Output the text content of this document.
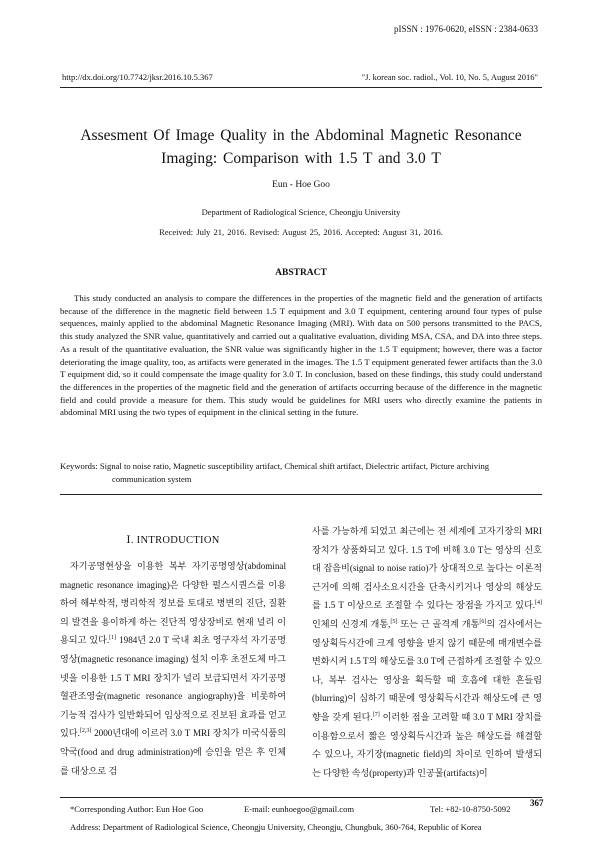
pISSN : 1976-0620, eISSN : 2384-0633
http://dx.doi.org/10.7742/jksr.2016.10.5.367	"J. korean soc. radiol., Vol. 10, No. 5, August 2016"
Assesment Of Image Quality in the Abdominal Magnetic Resonance Imaging: Comparison with 1.5 T and 3.0 T
Eun - Hoe Goo
Department of Radiological Science, Cheongju University
Received: July 21, 2016. Revised: August 25, 2016. Accepted: August 31, 2016.
ABSTRACT
This study conducted an analysis to compare the differences in the properties of the magnetic field and the generation of artifacts because of the difference in the magnetic field between 1.5 T equipment and 3.0 T equipment, centering around four types of pulse sequences, mainly applied to the abdominal Magnetic Resonance Imaging (MRI). With data on 500 persons transmitted to the PACS, this study analyzed the SNR value, quantitatively and carried out a qualitative evaluation, dividing MSA, CSA, and DA into three steps. As a result of the quantitative evaluation, the SNR value was significantly higher in the 1.5 T equipment; however, there was a factor deteriorating the image quality, too, as artifacts were generated in the images. The 1.5 T equipment generated fewer artifacts than the 3.0 T equipment did, so it could compensate the image quality for 3.0 T. In conclusion, based on these findings, this study could understand the differences in the properties of the magnetic field and the generation of artifacts occurring because of the difference in the magnetic field and could provide a measure for them. This study would be guidelines for MRI users who directly examine the patients in abdominal MRI using the two types of equipment in the clinical setting in the future.
Keywords: Signal to noise ratio, Magnetic susceptibility artifact, Chemical shift artifact, Dielectric artifact, Picture archiving communication system
Ⅰ. INTRODUCTION
자기공명현상을 이용한 복부 자기공명영상(abdominal magnetic resonance imaging)은 다양한 펄스시퀀스를 이용하여 해부학적, 병리학적 정보를 토대로 병변의 진단, 질환의 발견을 용이하게 하는 진단적 영상장비로 현재 널리 이용되고 있다.[1] 1984년 2.0 T 국내 최초 영구자석 자기공명영상(magnetic resonance imaging) 설치 이후 초전도체 마그넷을 이용한 1.5 T MRI 장치가 널리 보급되면서 자기공명혈관조영술(magnetic resonance angiography)을 비롯하여 기능적 검사가 일반화되어 임상적으로 진보된 효과를 얻고 있다.[2,3] 2000년대에 이르러 3.0 T MRI 장치가 미국식품의약국(food and drug administration)에 승인을 얻은 후 인체를 대상으로 검
사를 가능하게 되었고 최근에는 전 세계에 고자기장의 MRI 장치가 상품화되고 있다. 1.5 T에 비해 3.0 T는 영상의 신호대 잡음비(signal to noise ratio)가 상대적으로 높다는 이론적 근거에 의해 검사소요시간을 단축시키거나 영상의 해상도를 1.5 T 이상으로 조절할 수 있다는 장점을 가지고 있다.[4] 인체의 신경계 개통,[5] 또는 근 골격계 개통[6]의 검사에서는 영상획득시간에 크게 영향을 받지 않기 때문에 매개변수를 변화시켜 1.5 T의 해상도를 3.0 T에 근접하게 조절할 수 있으나, 복부 검사는 영상을 획득할 때 호흡에 대한 흔들림(blurring)이 심하기 때문에 영상획득시간과 해상도에 큰 영향을 갖게 된다.[7] 이러한 점을 고려할 때 3.0 T MRI 장치를 이용함으로서 짧은 영상획득시간과 높은 해상도를 해결할 수 있으나, 자기장(magnetic field)의 차이로 인하여 발생되는 다양한 속성(property)과 인공물(artifacts)이
*Corresponding Author: Eun Hoe Goo	E-mail: eunhoegoo@gmail.com	Tel: +82-10-8750-5092
Address: Department of Radiological Science, Cheongju University, Cheongju, Chungbuk, 360-764, Republic of Korea
367
